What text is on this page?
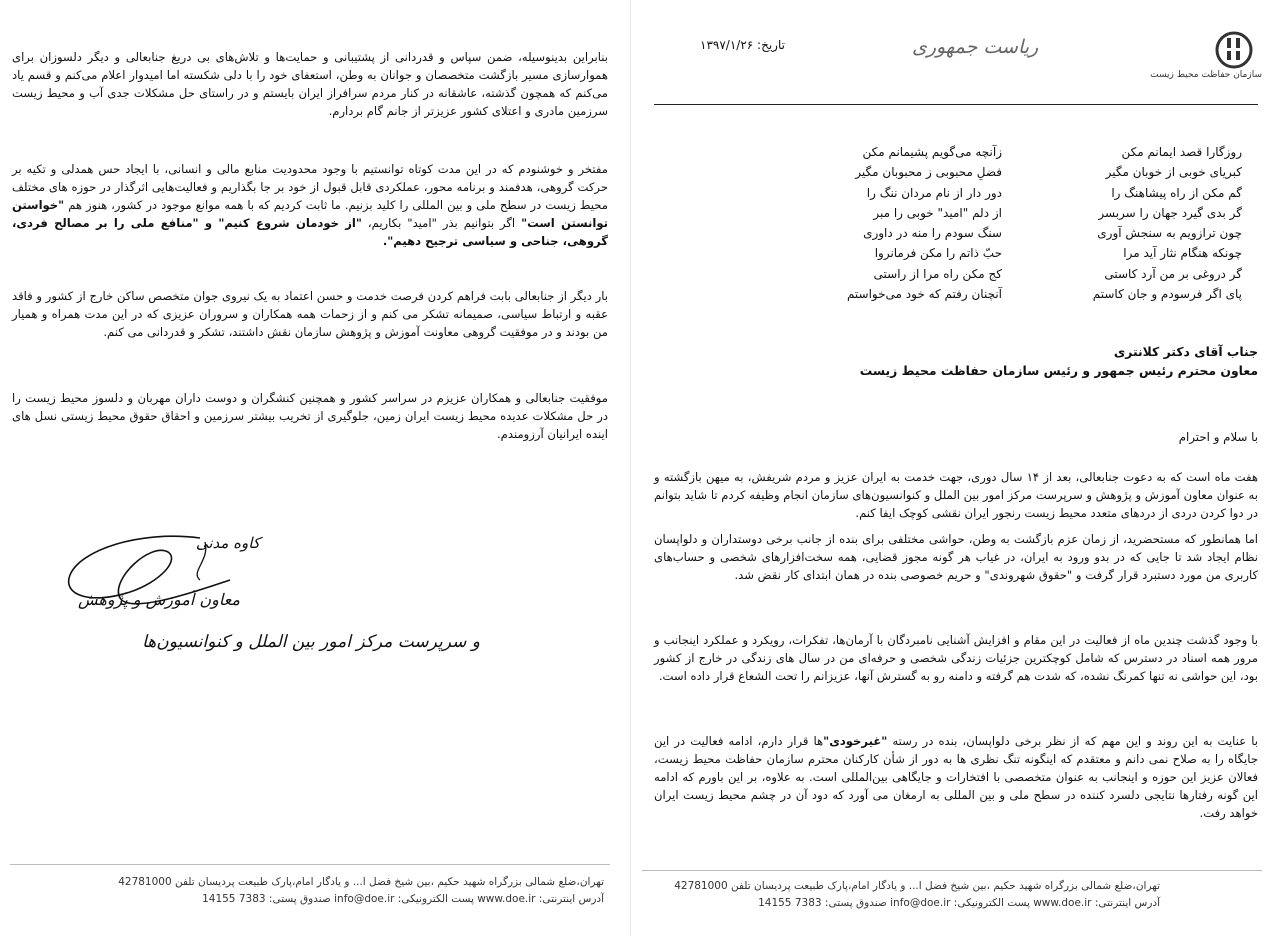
بنابراین بدینوسیله، ضمن سپاس و قدردانی از پشتیبانی و حمایت‌ها و تلاش‌های بی دریغ جنابعالی و دیگر دلسوزان برای هموارسازی مسیر بازگشت متخصصان و جوانان به وطن، استعفای خود را با دلی شکسته اما امیدوار اعلام می‌کنم و قسم یاد می‌کنم که همچون گذشته، عاشقانه در کنار مردم سرافراز ایران بایستم و در راستای حل مشکلات جدی آب و محیط زیست سرزمین مادری و اعتلای کشور عزیزتر از جانم گام بردارم.

مفتخر و خوشنودم که در این مدت کوتاه توانستیم با وجود محدودیت منابع مالی و انسانی، با ایجاد حس همدلی و تکیه بر حرکت گروهی، هدفمند و برنامه محور، عملکردی قابل قبول از خود بر جا بگذاریم و فعالیت‌هایی اثرگذار در حوزه های مختلف محیط زیست در سطح ملی و بین المللی را کلید بزنیم. ما ثابت کردیم که با همه موانع موجود در کشور، هنوز هم "خواستن توانستن است" اگر بتوانیم بذر "امید" بکاریم، "از خودمان شروع کنیم" و "منافع ملی را بر مصالح فردی، گروهی، جناحی و سیاسی ترجیح دهیم".

بار دیگر از جنابعالی بابت فراهم کردن فرصت خدمت و حسن اعتماد به یک نیروی جوان متخصص ساکن خارج از کشور و فاقد عقبه و ارتباط سیاسی، صمیمانه تشکر می کنم و از زحمات همه همکاران و سروران عزیزی که در این مدت همراه و همیار من بودند و در موفقیت گروهی معاونت آموزش و پژوهش سازمان نقش داشتند، تشکر و قدردانی می کنم.

موفقیت جنابعالی و همکاران عزیزم در سراسر کشور و همچنین کنشگران و دوست داران مهربان و دلسوز محیط زیست را در حل مشکلات عدیده محیط زیست ایران زمین، جلوگیری از تخریب بیشتر سرزمین و احقاق حقوق محیط زیستی نسل های اینده ایرانیان آرزومندم.

کاوه مدنی
معاون آموزش و پژوهش
و سرپرست مرکز امور بین الملل و کنوانسیون‌ها
تهران،ضلع شمالی بزرگراه شهید حکیم ،بین شیخ فضل ا... و یادگار امام،پارک طبیعت پردیسان تلفن 42781000
آدرس اینترنتی: www.doe.ir پست الکترونیکی: info@doe.ir صندوق پستی: 7383 14155
سازمان حفاظت محیط زیست
ریاست جمهوری
تاریخ: ۱۳۹۷/۱/۲۶
روزگارا قصد ایمانم مکن
کبریای خوبی از خوبان مگیر
گم مکن از راه پیشاهنگ را
گر بدی گیرد جهان را سربسر
چون ترازویم به سنجش آوری
چونکه هنگام نثار آید مرا
گر دروغی بر من آرد کاستی
پای اگر فرسودم و جان کاستم
زآنچه می‌گویم پشیمانم مکن
فضلِ محبوبی ز محبوبان مگیر
دور دار از نام مردان ننگ را
از دلم "امید" خوبی را مبر
سنگ سودم را منه در داوری
حبّ ذاتم را مکن فرمانروا
کج مکن راه مرا از راستی
آنچنان رفتم که خود می‌خواستم
جناب آقای دکتر کلانتری
معاون محترم رئیس جمهور و رئیس سازمان حفاظت محیط زیست
با سلام و احترام

هفت ماه است که به دعوت جنابعالی، بعد از ۱۴ سال دوری، جهت خدمت به ایران عزیز و مردم شریفش، به میهن بازگشته و به عنوان معاون آموزش و پژوهش و سرپرست مرکز امور بین الملل و کنوانسیون‌های سازمان انجام وظیفه کردم تا شاید بتوانم در دوا کردن دردی از دردهای متعدد محیط زیست رنجور ایران نقشی کوچک ایفا کنم.

اما همانطور که مستحضرید، از زمان عزم بازگشت به وطن، حواشی مختلفی برای بنده از جانب برخی دوستداران و دلواپسان نظام ایجاد شد تا جایی که در بدو ورود به ایران، در غیاب هر گونه مجوز قضایی، همه سخت‌افزارهای شخصی و حساب‌های کاربری من مورد دستبرد قرار گرفت و "حقوق شهروندی" و حریم خصوصی بنده در همان ابتدای کار نقض شد.

با وجود گذشت چندین ماه از فعالیت در این مقام و افزایش آشنایی نامبردگان با آرمان‌ها، تفکرات، رویکرد و عملکرد اینجانب و مرور همه اسناد در دسترس که شامل کوچکترین جزئیات زندگی شخصی و حرفه‌ای من در سال های زندگی در خارج از کشور بود، این حواشی نه تنها کمرنگ نشده، که شدت هم گرفته و دامنه رو به گسترش آنها، عزیزانم را تحت الشعاع قرار داده است.

با عنایت به این روند و این مهم که از نظر برخی دلواپسان، بنده در رسته "غیرخودی"ها قرار دارم، ادامه فعالیت در این جایگاه را به صلاح نمی دانم و معتقدم که اینگونه تنگ نظری ها به دور از شأن کارکنان محترم سازمان حفاظت محیط زیست، فعالان عزیز این حوزه و اینجانب به عنوان متخصصی با افتخارات و جایگاهی بین‌المللی است. به علاوه، بر این باورم که ادامه این گونه رفتارها نتایجی دلسرد کننده در سطح ملی و بین المللی به ارمغان می آورد که دود آن در چشم محیط زیست ایران خواهد رفت.

تهران،ضلع شمالی بزرگراه شهید حکیم ،بین شیخ فضل ا... و یادگار امام،پارک طبیعت پردیسان تلفن 42781000
آدرس اینترنتی: www.doe.ir پست الکترونیکی: info@doe.ir صندوق پستی: 7383 14155
